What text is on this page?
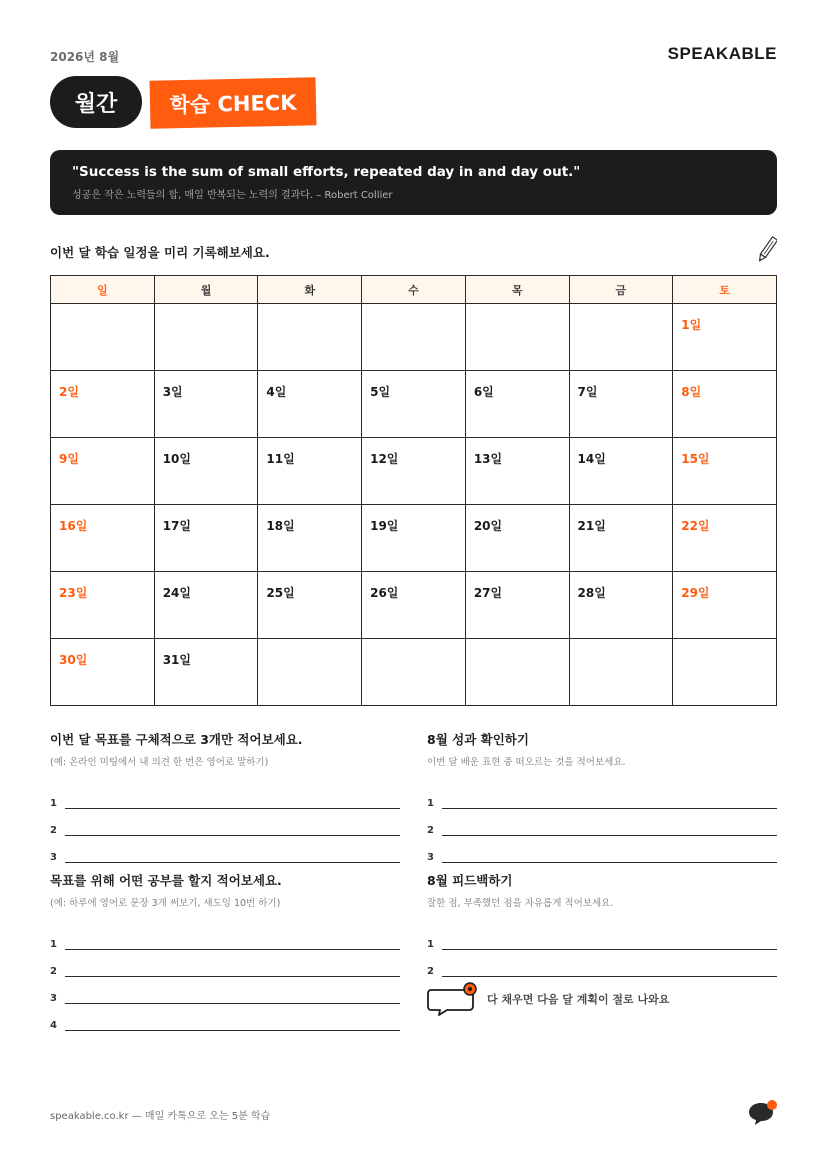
2026년 8월	SPEAKABLE
월간	학습 CHECK
"Success is the sum of small efforts, repeated day in and day out."
성공은 작은 노력들의 합, 매일 반복되는 노력의 결과다. – Robert Collier
이번 달 학습 일정을 미리 기록해보세요.
일	월	화	수	목	금	토
						1일
2일	3일	4일	5일	6일	7일	8일
9일	10일	11일	12일	13일	14일	15일
16일	17일	18일	19일	20일	21일	22일
23일	24일	25일	26일	27일	28일	29일
30일	31일					
이번 달 목표를 구체적으로 3개만 적어보세요.
(예: 온라인 미팅에서 내 의견 한 번은 영어로 말하기)
1
2
3
8월 성과 확인하기
이번 달 배운 표현 중 떠오르는 것을 적어보세요.
1
2
3
목표를 위해 어떤 공부를 할지 적어보세요.
(예: 하루에 영어로 문장 3개 써보기, 섀도잉 10번 하기)
1
2
3
4
8월 피드백하기
잘한 점, 부족했던 점을 자유롭게 적어보세요.
1
2
다 채우면 다음 달 계획이 절로 나와요
speakable.co.kr — 매일 카톡으로 오는 5분 학습
